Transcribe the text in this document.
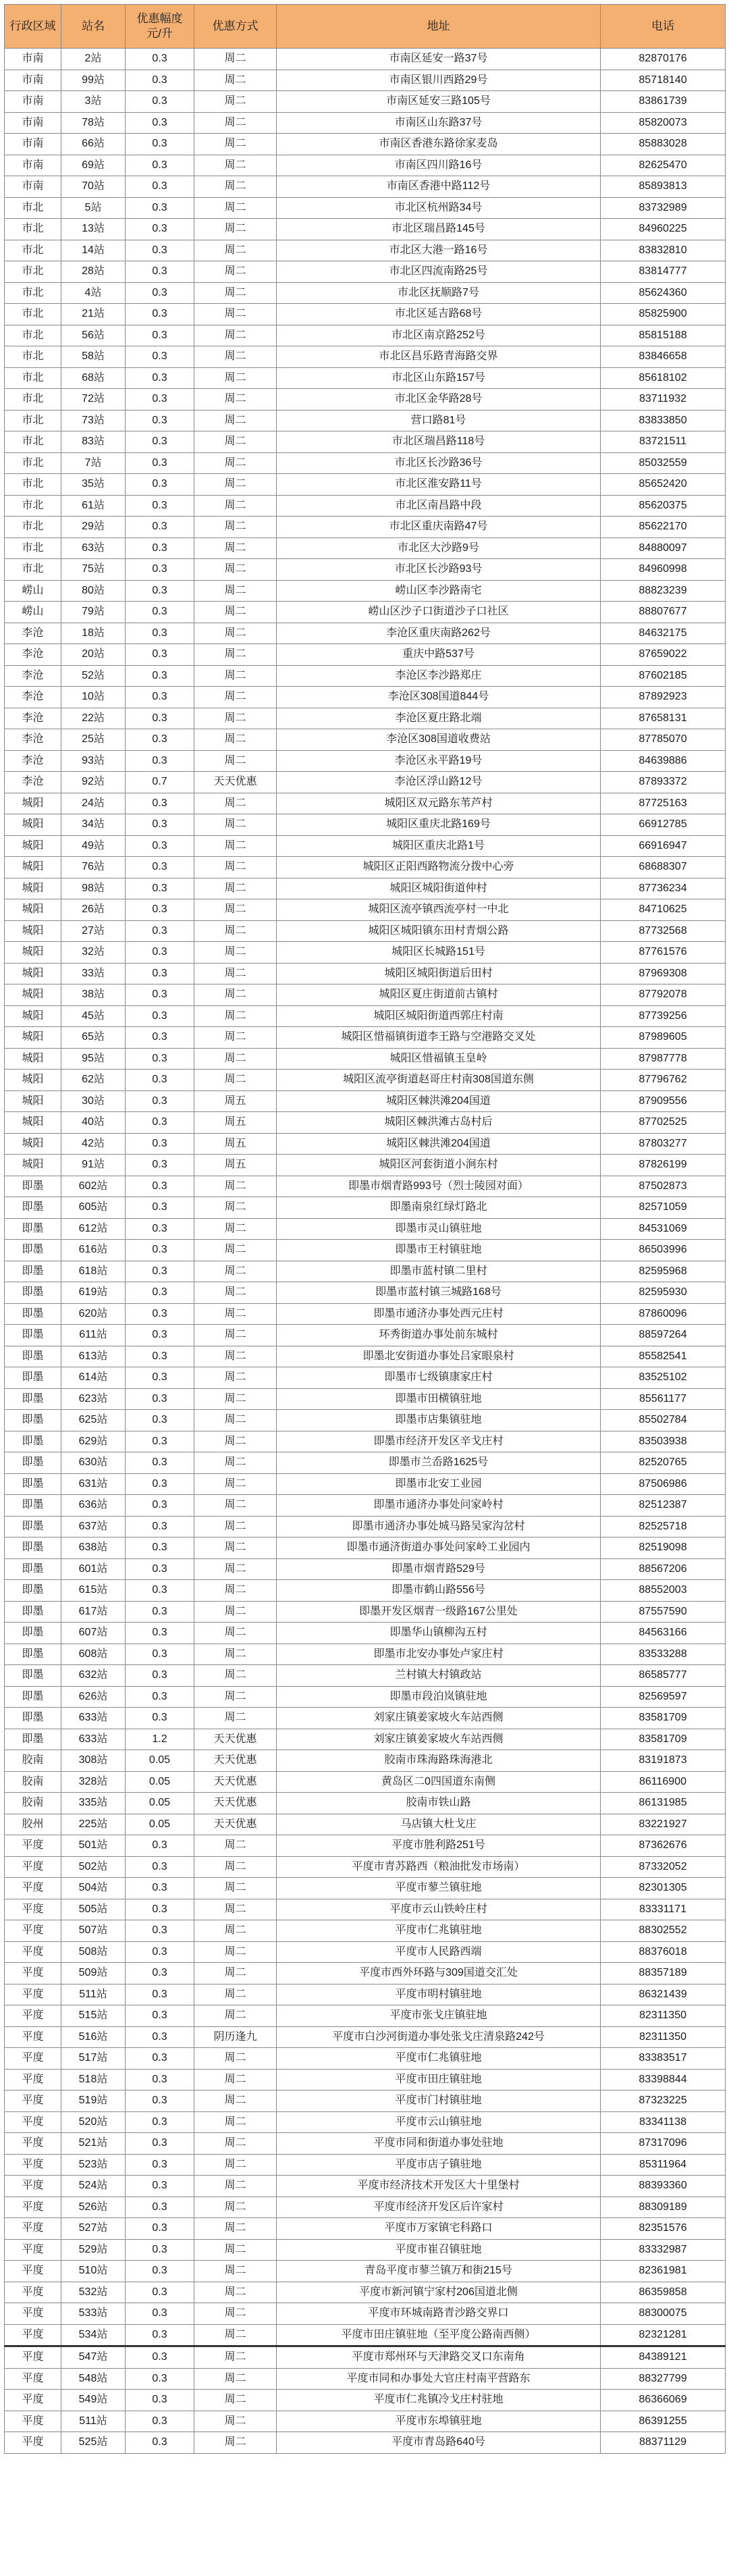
行政区域	站名	优惠幅度元/升	优惠方式	地址	电话
市南	2站	0.3	周二	市南区延安一路37号	82870176
市南	99站	0.3	周二	市南区银川西路29号	85718140
市南	3站	0.3	周二	市南区延安三路105号	83861739
市南	78站	0.3	周二	市南区山东路37号	85820073
市南	66站	0.3	周二	市南区香港东路徐家麦岛	85883028
市南	69站	0.3	周二	市南区四川路16号	82625470
市南	70站	0.3	周二	市南区香港中路112号	85893813
市北	5站	0.3	周二	市北区杭州路34号	83732989
市北	13站	0.3	周二	市北区瑞昌路145号	84960225
市北	14站	0.3	周二	市北区大港一路16号	83832810
市北	28站	0.3	周二	市北区四流南路25号	83814777
市北	4站	0.3	周二	市北区抚顺路7号	85624360
市北	21站	0.3	周二	市北区延吉路68号	85825900
市北	56站	0.3	周二	市北区南京路252号	85815188
市北	58站	0.3	周二	市北区昌乐路青海路交界	83846658
市北	68站	0.3	周二	市北区山东路157号	85618102
市北	72站	0.3	周二	市北区金华路28号	83711932
市北	73站	0.3	周二	营口路81号	83833850
市北	83站	0.3	周二	市北区瑞昌路118号	83721511
市北	7站	0.3	周二	市北区长沙路36号	85032559
市北	35站	0.3	周二	市北区淮安路11号	85652420
市北	61站	0.3	周二	市北区南昌路中段	85620375
市北	29站	0.3	周二	市北区重庆南路47号	85622170
市北	63站	0.3	周二	市北区大沙路9号	84880097
市北	75站	0.3	周二	市北区长沙路93号	84960998
崂山	80站	0.3	周二	崂山区李沙路南宅	88823239
崂山	79站	0.3	周二	崂山区沙子口街道沙子口社区	88807677
李沧	18站	0.3	周二	李沧区重庆南路262号	84632175
李沧	20站	0.3	周二	重庆中路537号	87659022
李沧	52站	0.3	周二	李沧区李沙路郑庄	87602185
李沧	10站	0.3	周二	李沧区308国道844号	87892923
李沧	22站	0.3	周二	李沧区夏庄路北端	87658131
李沧	25站	0.3	周二	李沧区308国道收费站	87785070
李沧	93站	0.3	周二	李沧区永平路19号	84639886
李沧	92站	0.7	天天优惠	李沧区浮山路12号	87893372
城阳	24站	0.3	周二	城阳区双元路东苇芦村	87725163
城阳	34站	0.3	周二	城阳区重庆北路169号	66912785
城阳	49站	0.3	周二	城阳区重庆北路1号	66916947
城阳	76站	0.3	周二	城阳区正阳西路物流分拨中心旁	68688307
城阳	98站	0.3	周二	城阳区城阳街道仲村	87736234
城阳	26站	0.3	周二	城阳区流亭镇西流亭村一中北	84710625
城阳	27站	0.3	周二	城阳区城阳镇东田村青烟公路	87732568
城阳	32站	0.3	周二	城阳区长城路151号	87761576
城阳	33站	0.3	周二	城阳区城阳街道后田村	87969308
城阳	38站	0.3	周二	城阳区夏庄街道前古镇村	87792078
城阳	45站	0.3	周二	城阳区城阳街道西郭庄村南	87739256
城阳	65站	0.3	周二	城阳区惜福镇街道李王路与空港路交叉处	87989605
城阳	95站	0.3	周二	城阳区惜福镇玉皇岭	87987778
城阳	62站	0.3	周二	城阳区流亭街道赵哥庄村南308国道东侧	87796762
城阳	30站	0.3	周五	城阳区棘洪滩204国道	87909556
城阳	40站	0.3	周五	城阳区棘洪滩古岛村后	87702525
城阳	42站	0.3	周五	城阳区棘洪滩204国道	87803277
城阳	91站	0.3	周五	城阳区河套街道小涧东村	87826199
即墨	602站	0.3	周二	即墨市烟青路993号（烈士陵园对面）	87502873
即墨	605站	0.3	周二	即墨南泉红绿灯路北	82571059
即墨	612站	0.3	周二	即墨市灵山镇驻地	84531069
即墨	616站	0.3	周二	即墨市王村镇驻地	86503996
即墨	618站	0.3	周二	即墨市蓝村镇二里村	82595968
即墨	619站	0.3	周二	即墨市蓝村镇三城路168号	82595930
即墨	620站	0.3	周二	即墨市通济办事处西元庄村	87860096
即墨	611站	0.3	周二	环秀街道办事处前东城村	88597264
即墨	613站	0.3	周二	即墨北安街道办事处吕家眼泉村	85582541
即墨	614站	0.3	周二	即墨市七级镇康家庄村	83525102
即墨	623站	0.3	周二	即墨市田横镇驻地	85561177
即墨	625站	0.3	周二	即墨市店集镇驻地	85502784
即墨	629站	0.3	周二	即墨市经济开发区辛戈庄村	83503938
即墨	630站	0.3	周二	即墨市兰岙路1625号	82520765
即墨	631站	0.3	周二	即墨市北安工业园	87506986
即墨	636站	0.3	周二	即墨市通济办事处问家岭村	82512387
即墨	637站	0.3	周二	即墨市通济办事处城马路吴家沟岔村	82525718
即墨	638站	0.3	周二	即墨市通济街道办事处问家岭工业园内	82519098
即墨	601站	0.3	周二	即墨市烟青路529号	88567206
即墨	615站	0.3	周二	即墨市鹤山路556号	88552003
即墨	617站	0.3	周二	即墨开发区烟青一级路167公里处	87557590
即墨	607站	0.3	周二	即墨华山镇柳沟五村	84563166
即墨	608站	0.3	周二	即墨市北安办事处卢家庄村	83533288
即墨	632站	0.3	周二	兰村镇大村镇政站	86585777
即墨	626站	0.3	周二	即墨市段泊岚镇驻地	82569597
即墨	633站	0.3	周二	刘家庄镇姜家坡火车站西侧	83581709
即墨	633站	1.2	天天优惠	刘家庄镇姜家坡火车站西侧	83581709
胶南	308站	0.05	天天优惠	胶南市珠海路珠海港北	83191873
胶南	328站	0.05	天天优惠	黄岛区二0四国道东南侧	86116900
胶南	335站	0.05	天天优惠	胶南市铁山路	86131985
胶州	225站	0.05	天天优惠	马店镇大杜戈庄	83221927
平度	501站	0.3	周二	平度市胜利路251号	87362676
平度	502站	0.3	周二	平度市青苏路西（粮油批发市场南）	87332052
平度	504站	0.3	周二	平度市蓼兰镇驻地	82301305
平度	505站	0.3	周二	平度市云山铁岭庄村	83331171
平度	507站	0.3	周二	平度市仁兆镇驻地	88302552
平度	508站	0.3	周二	平度市人民路西端	88376018
平度	509站	0.3	周二	平度市西外环路与309国道交汇处	88357189
平度	511站	0.3	周二	平度市明村镇驻地	86321439
平度	515站	0.3	周二	平度市张戈庄镇驻地	82311350
平度	516站	0.3	阴历逢九	平度市白沙河街道办事处张戈庄清泉路242号	82311350
平度	517站	0.3	周二	平度市仁兆镇驻地	83383517
平度	518站	0.3	周二	平度市田庄镇驻地	83398844
平度	519站	0.3	周二	平度市门村镇驻地	87323225
平度	520站	0.3	周二	平度市云山镇驻地	83341138
平度	521站	0.3	周二	平度市同和街道办事处驻地	87317096
平度	523站	0.3	周二	平度市店子镇驻地	85311964
平度	524站	0.3	周二	平度市经济技术开发区大十里堡村	88393360
平度	526站	0.3	周二	平度市经济开发区后许家村	88309189
平度	527站	0.3	周二	平度市万家镇宅科路口	82351576
平度	529站	0.3	周二	平度市崔召镇驻地	83332987
平度	510站	0.3	周二	青岛平度市蓼兰镇万和街215号	82361981
平度	532站	0.3	周二	平度市新河镇宁家村206国道北侧	86359858
平度	533站	0.3	周二	平度市环城南路青沙路交界口	88300075
平度	534站	0.3	周二	平度市田庄镇驻地（至平度公路南西侧）	82321281
平度	547站	0.3	周二	平度市郑州环与天津路交叉口东南角	84389121
平度	548站	0.3	周二	平度市同和办事处大官庄村南平营路东	88327799
平度	549站	0.3	周二	平度市仁兆镇冷戈庄村驻地	86366069
平度	511站	0.3	周二	平度市东埠镇驻地	86391255
平度	525站	0.3	周二	平度市青岛路640号	88371129
